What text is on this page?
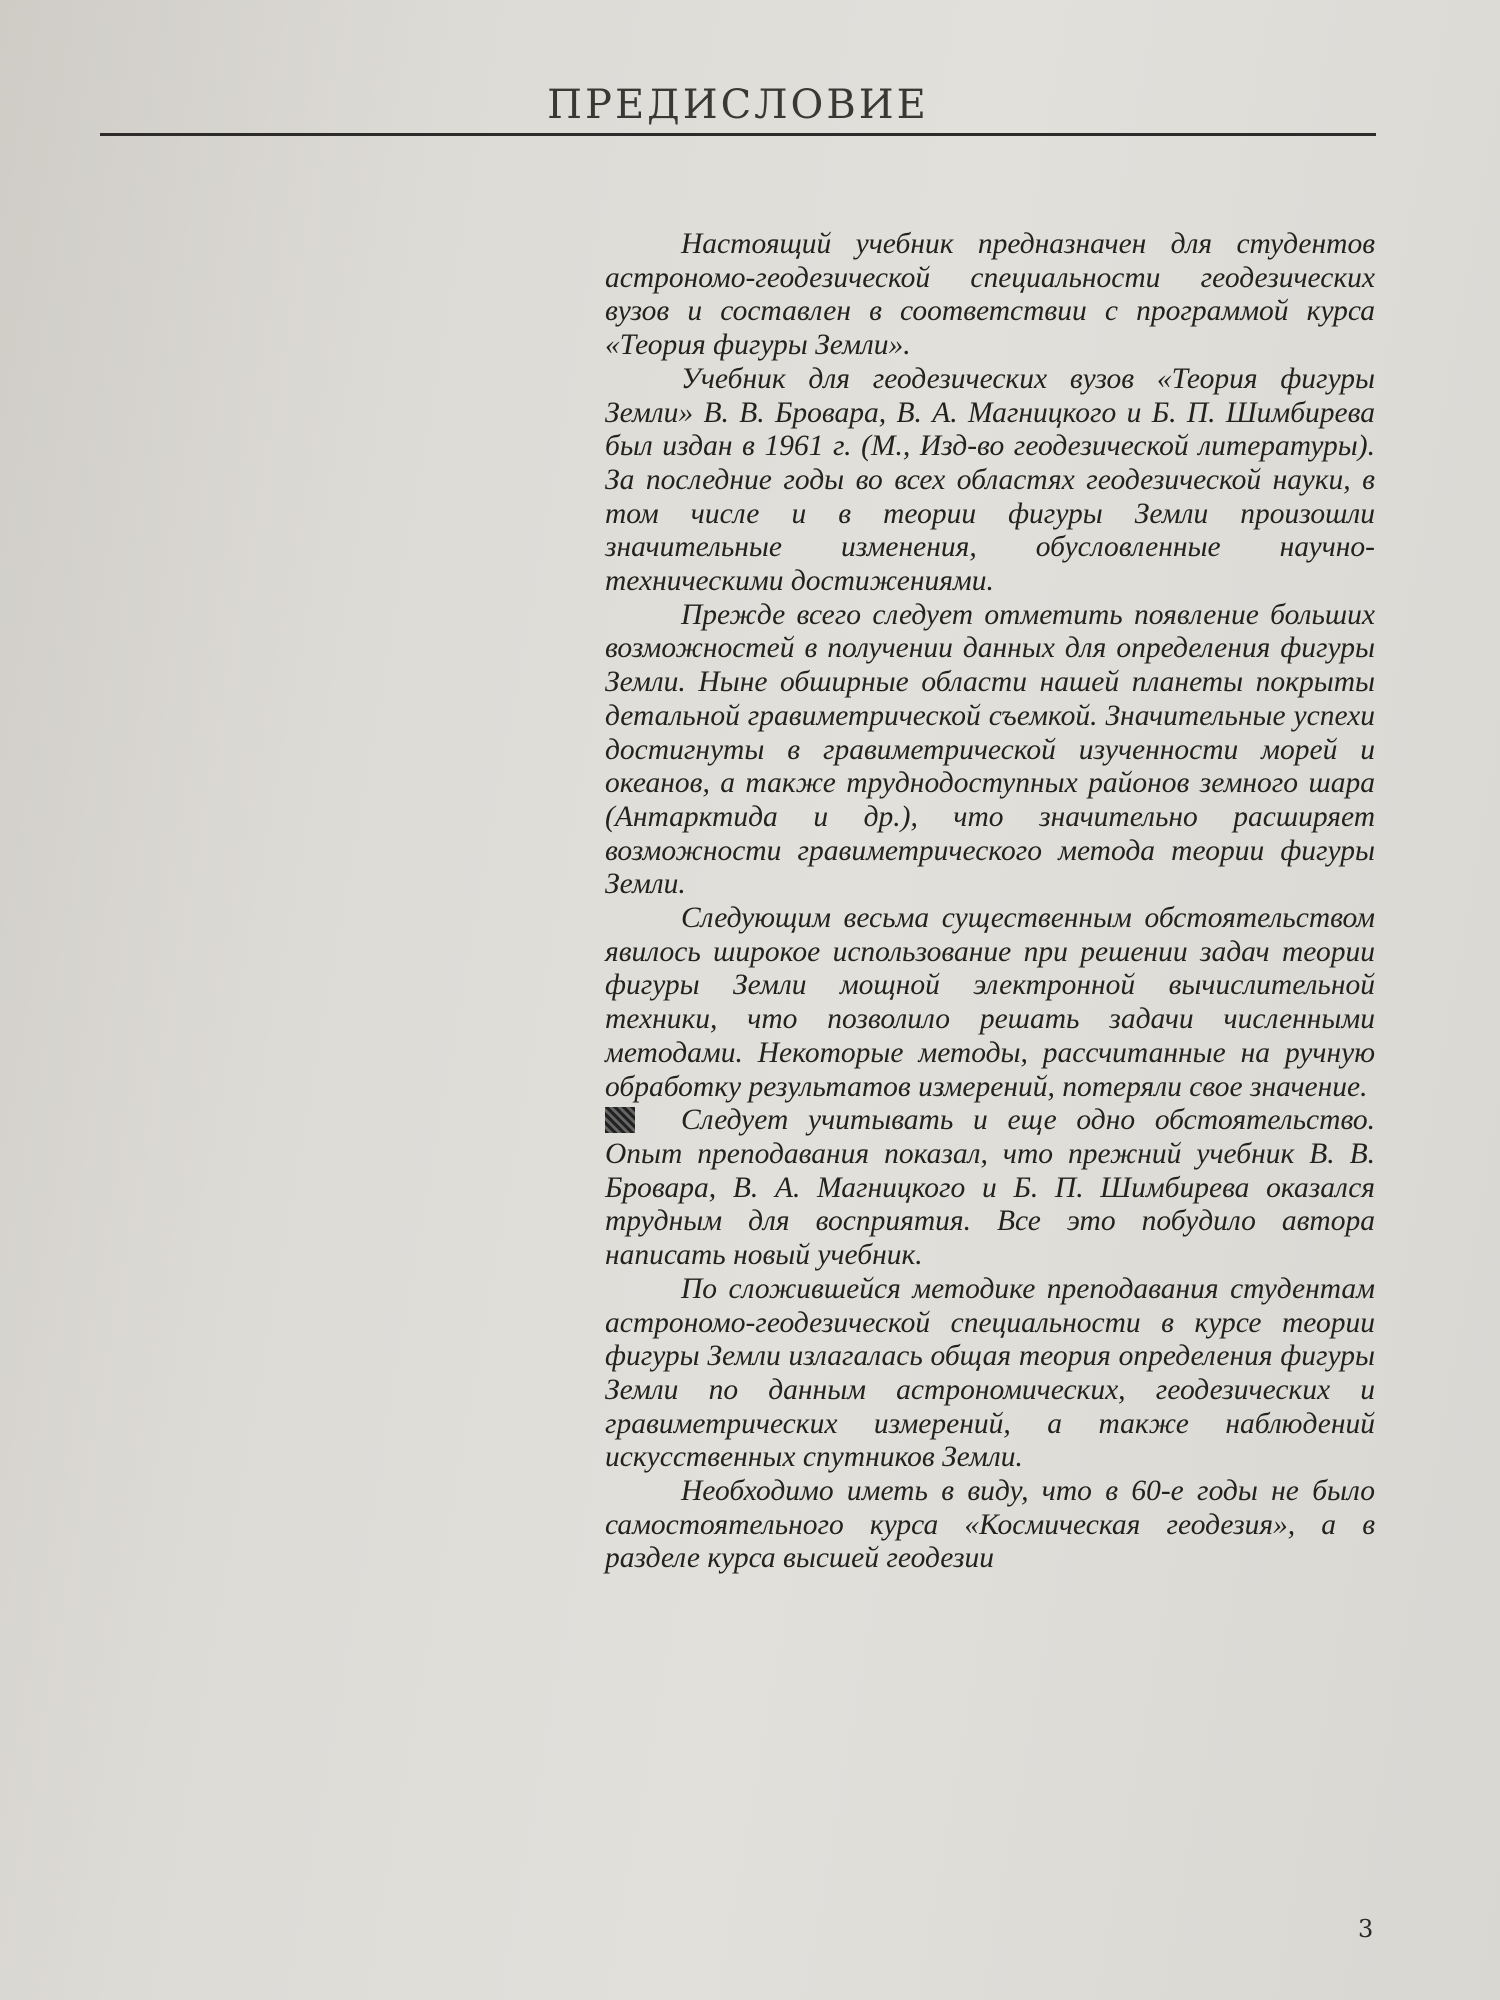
ПРЕДИСЛОВИЕ

Настоящий учебник предназначен для студентов астрономо-геодезической специальности геодезических вузов и составлен в соответствии с программой курса «Теория фигуры Земли».

Учебник для геодезических вузов «Теория фигуры Земли» В. В. Бровара, В. А. Магницкого и Б. П. Шимбирева был издан в 1961 г. (М., Изд-во геодезической литературы). За последние годы во всех областях геодезической науки, в том числе и в теории фигуры Земли произошли значительные изменения, обусловленные научно-техническими достижениями.

Прежде всего следует отметить появление больших возможностей в получении данных для определения фигуры Земли. Ныне обширные области нашей планеты покрыты детальной гравиметрической съемкой. Значительные успехи достигнуты в гравиметрической изученности морей и океанов, а также труднодоступных районов земного шара (Антарктида и др.), что значительно расширяет возможности гравиметрического метода теории фигуры Земли.

Следующим весьма существенным обстоятельством явилось широкое использование при решении задач теории фигуры Земли мощной электронной вычислительной техники, что позволило решать задачи численными методами. Некоторые методы, рассчитанные на ручную обработку результатов измерений, потеряли свое значение.

Следует учитывать и еще одно обстоятельство. Опыт преподавания показал, что прежний учебник В. В. Бровара, В. А. Магницкого и Б. П. Шимбирева оказался трудным для восприятия. Все это побудило автора написать новый учебник.

По сложившейся методике преподавания студентам астрономо-геодезической специальности в курсе теории фигуры Земли излагалась общая теория определения фигуры Земли по данным астрономических, геодезических и гравиметрических измерений, а также наблюдений искусственных спутников Земли.

Необходимо иметь в виду, что в 60-е годы не было самостоятельного курса «Космическая геодезия», а в разделе курса высшей геодезии

3
